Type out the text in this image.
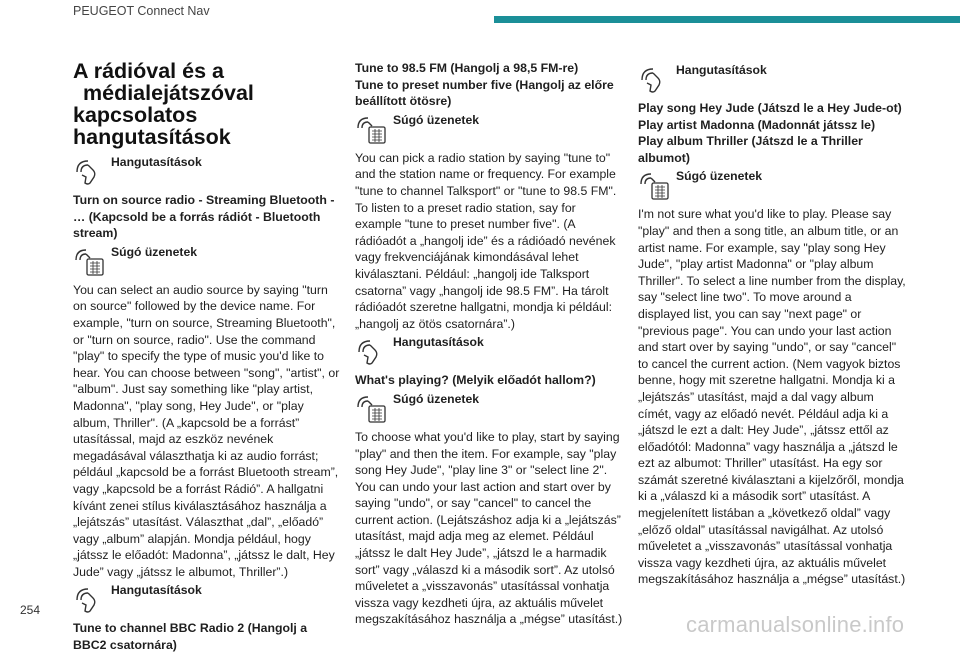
PEUGEOT Connect Nav
A rádióval és a
médialejátszóval
kapcsolatos hangutasítások
Hangutasítások

Turn on source radio - Streaming Bluetooth - … (Kapcsold be a forrás rádiót - Bluetooth stream)

Súgó üzenetek

You can select an audio source by saying "turn on source" followed by the device name. For example, "turn on source, Streaming Bluetooth", or "turn on source, radio". Use the command "play" to specify the type of music you'd like to hear. You can choose between "song", "artist", or "album". Just say something like "play artist, Madonna", "play song, Hey Jude", or "play album, Thriller". (A „kapcsold be a forrást” utasítással, majd az eszköz nevének megadásával választhatja ki az audio forrást; például „kapcsold be a forrást Bluetooth stream”, vagy „kapcsold be a forrást Rádió”. A hallgatni kívánt zenei stílus kiválasztásához használja a „lejátszás” utasítást. Választhat „dal”, „előadó” vagy „album” alapján. Mondja például, hogy „játssz le előadót: Madonna”, „játssz le dalt, Hey Jude” vagy „játssz le albumot, Thriller”.)

Hangutasítások

Tune to channel BBC Radio 2 (Hangolj a BBC2 csatornára)

Tune to 98.5 FM (Hangolj a 98,5 FM-re)

Tune to preset number five (Hangolj az előre beállított ötösre)

Súgó üzenetek

You can pick a radio station by saying "tune to" and the station name or frequency. For example "tune to channel Talksport" or "tune to 98.5 FM". To listen to a preset radio station, say for example "tune to preset number five". (A rádióadót a „hangolj ide” és a rádióadó nevének vagy frekvenciájának kimondásával lehet kiválasztani. Például: „hangolj ide Talksport csatorna” vagy „hangolj ide 98.5 FM”. Ha tárolt rádióadót szeretne hallgatni, mondja ki például: „hangolj az ötös csatornára”.)

Hangutasítások

What's playing? (Melyik előadót hallom?)

Súgó üzenetek

To choose what you'd like to play, start by saying "play" and then the item. For example, say "play song Hey Jude", "play line 3" or "select line 2". You can undo your last action and start over by saying "undo", or say "cancel" to cancel the current action. (Lejátszáshoz adja ki a „lejátszás” utasítást, majd adja meg az elemet. Például „játssz le dalt Hey Jude”, „játszd le a harmadik sort” vagy „válaszd ki a második sort”. Az utolsó műveletet a „visszavonás” utasítással vonhatja vissza vagy kezdheti újra, az aktuális művelet megszakításához használja a „mégse” utasítást.)

Hangutasítások

Play song Hey Jude (Játszd le a Hey Jude-ot)

Play artist Madonna (Madonnát játssz le)

Play album Thriller (Játszd le a Thriller albumot)

Súgó üzenetek

I'm not sure what you'd like to play. Please say "play" and then a song title, an album title, or an artist name. For example, say "play song Hey Jude", "play artist Madonna" or "play album Thriller". To select a line number from the display, say "select line two". To move around a displayed list, you can say "next page" or "previous page". You can undo your last action and start over by saying "undo", or say "cancel" to cancel the current action. (Nem vagyok biztos benne, hogy mit szeretne hallgatni. Mondja ki a „lejátszás” utasítást, majd a dal vagy album címét, vagy az előadó nevét. Például adja ki a „játszd le ezt a dalt: Hey Jude”, „játssz ettől az előadótól: Madonna” vagy használja a „játszd le ezt az albumot: Thriller” utasítást. Ha egy sor számát szeretné kiválasztani a kijelzőről, mondja ki a „válaszd ki a második sort” utasítást. A megjelenített listában a „következő oldal” vagy „előző oldal” utasítással navigálhat. Az utolsó műveletet a „visszavonás” utasítással vonhatja vissza vagy kezdheti újra, az aktuális művelet megszakításához használja a „mégse” utasítást.)

254
carmanualsonline.info
